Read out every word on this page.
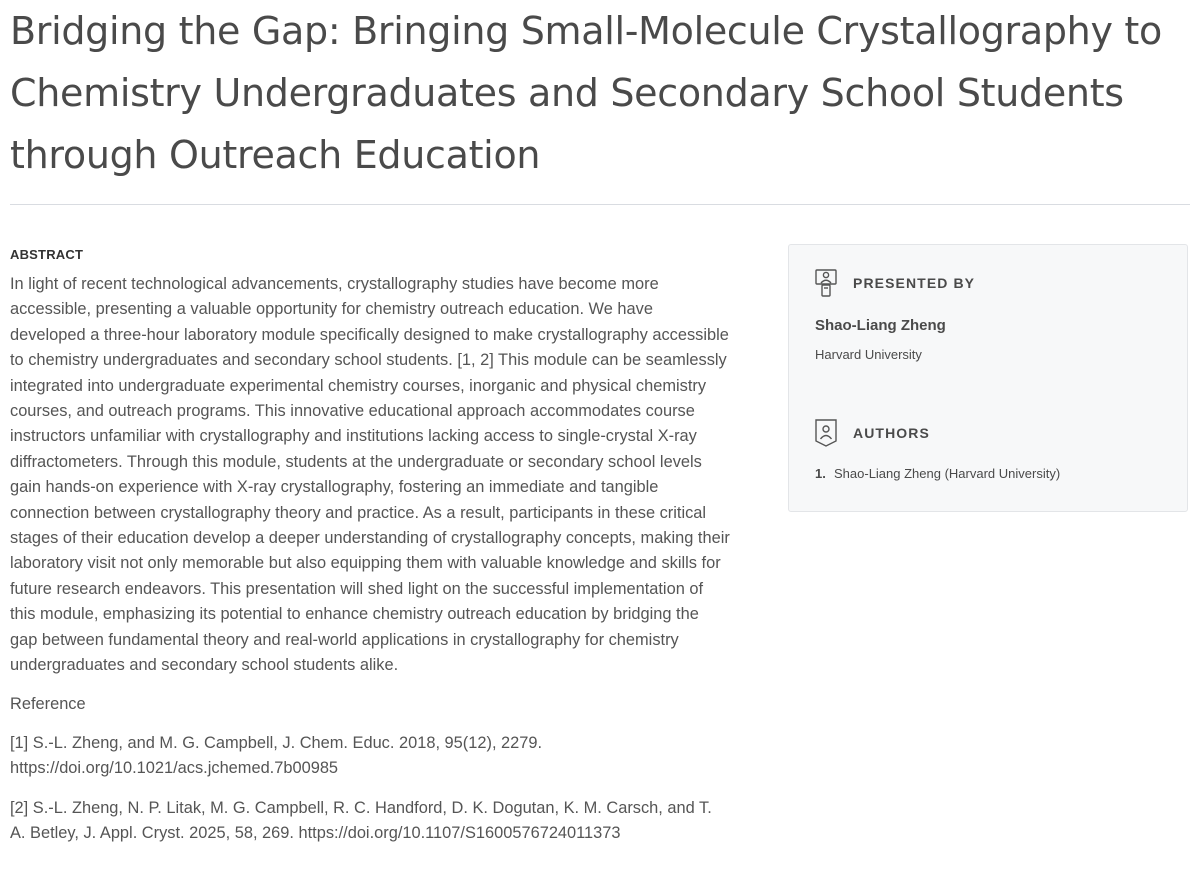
Bridging the Gap: Bringing Small-Molecule Crystallography to Chemistry Undergraduates and Secondary School Students through Outreach Education
ABSTRACT

In light of recent technological advancements, crystallography studies have become more accessible, presenting a valuable opportunity for chemistry outreach education. We have developed a three-hour laboratory module specifically designed to make crystallography accessible to chemistry undergraduates and secondary school students. [1, 2] This module can be seamlessly integrated into undergraduate experimental chemistry courses, inorganic and physical chemistry courses, and outreach programs. This innovative educational approach accommodates course instructors unfamiliar with crystallography and institutions lacking access to single-crystal X-ray diffractometers. Through this module, students at the undergraduate or secondary school levels gain hands-on experience with X-ray crystallography, fostering an immediate and tangible connection between crystallography theory and practice. As a result, participants in these critical stages of their education develop a deeper understanding of crystallography concepts, making their laboratory visit not only memorable but also equipping them with valuable knowledge and skills for future research endeavors. This presentation will shed light on the successful implementation of this module, emphasizing its potential to enhance chemistry outreach education by bridging the gap between fundamental theory and real-world applications in crystallography for chemistry undergraduates and secondary school students alike.

Reference

[1] S.-L. Zheng, and M. G. Campbell, J. Chem. Educ. 2018, 95(12), 2279. https://doi.org/10.1021/acs.jchemed.7b00985

[2] S.-L. Zheng, N. P. Litak, M. G. Campbell, R. C. Handford, D. K. Dogutan, K. M. Carsch, and T. A. Betley, J. Appl. Cryst. 2025, 58, 269. https://doi.org/10.1107/S1600576724011373

PRESENTED BY
Shao-Liang Zheng
Harvard University
AUTHORS
1. Shao-Liang Zheng (Harvard University)
